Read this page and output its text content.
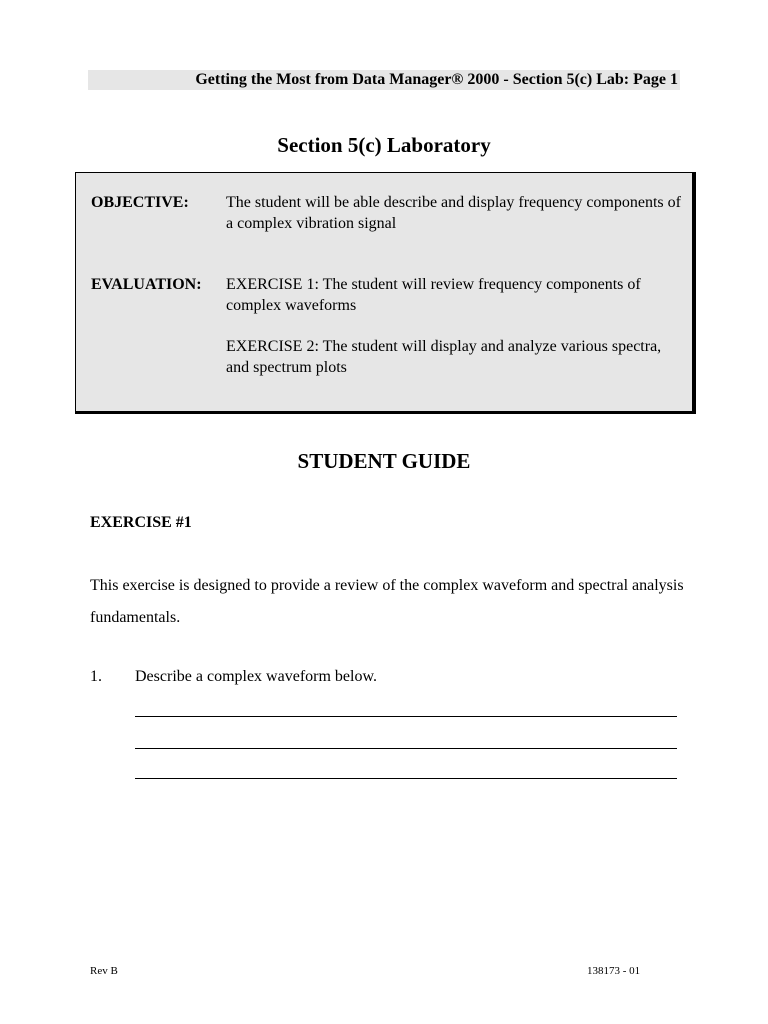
Getting the Most from Data Manager® 2000 - Section 5(c) Lab: Page 1
Section 5(c) Laboratory
OBJECTIVE: The student will be able describe and display frequency components of a complex vibration signal
EVALUATION: EXERCISE 1: The student will review frequency components of complex waveforms
EXERCISE 2: The student will display and analyze various spectra, and spectrum plots
STUDENT GUIDE
EXERCISE #1
This exercise is designed to provide a review of the complex waveform and spectral analysis fundamentals.
1. Describe a complex waveform below.
Rev B	138173 - 01
